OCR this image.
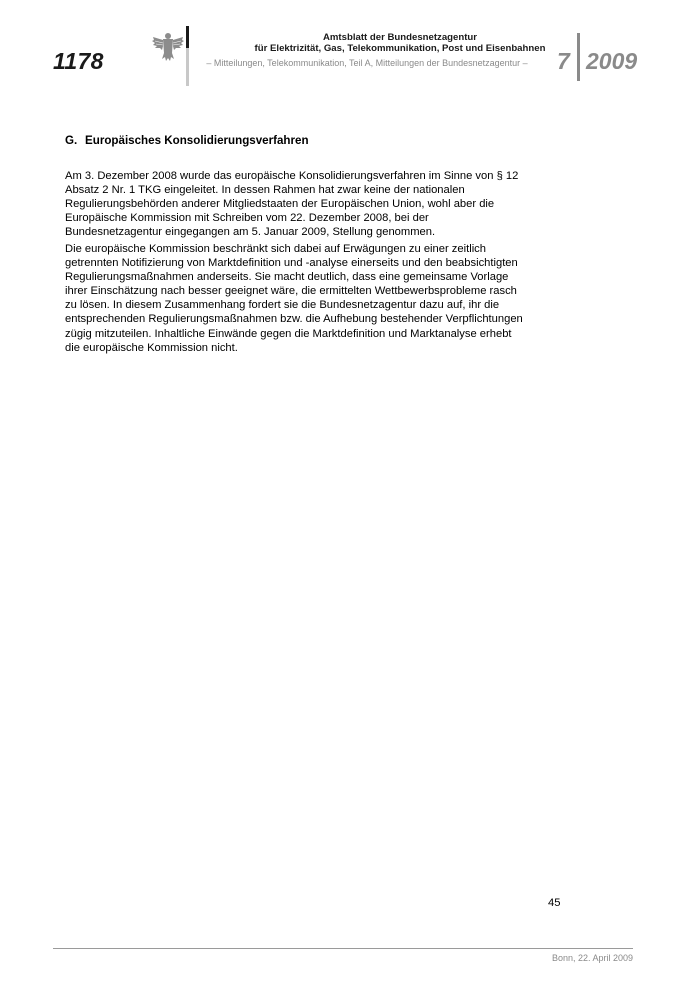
1178
Amtsblatt der Bundesnetzagentur
für Elektrizität, Gas, Telekommunikation, Post und Eisenbahnen
– Mitteilungen, Telekommunikation, Teil A, Mitteilungen der Bundesnetzagentur –	7 2009
G. Europäisches Konsolidierungsverfahren

Am 3. Dezember 2008 wurde das europäische Konsolidierungsverfahren im Sinne von § 12
Absatz 2 Nr. 1 TKG eingeleitet. In dessen Rahmen hat zwar keine der nationalen
Regulierungsbehörden anderer Mitgliedstaaten der Europäischen Union, wohl aber die
Europäische Kommission mit Schreiben vom 22. Dezember 2008, bei der
Bundesnetzagentur eingegangen am 5. Januar 2009, Stellung genommen.

Die europäische Kommission beschränkt sich dabei auf Erwägungen zu einer zeitlich
getrennten Notifizierung von Marktdefinition und -analyse einerseits und den beabsichtigten
Regulierungsmaßnahmen anderseits. Sie macht deutlich, dass eine gemeinsame Vorlage
ihrer Einschätzung nach besser geeignet wäre, die ermittelten Wettbewerbsprobleme rasch
zu lösen. In diesem Zusammenhang fordert sie die Bundesnetzagentur dazu auf, ihr die
entsprechenden Regulierungsmaßnahmen bzw. die Aufhebung bestehender Verpflichtungen
zügig mitzuteilen. Inhaltliche Einwände gegen die Marktdefinition und Marktanalyse erhebt
die europäische Kommission nicht.

45
Bonn, 22. April 2009
